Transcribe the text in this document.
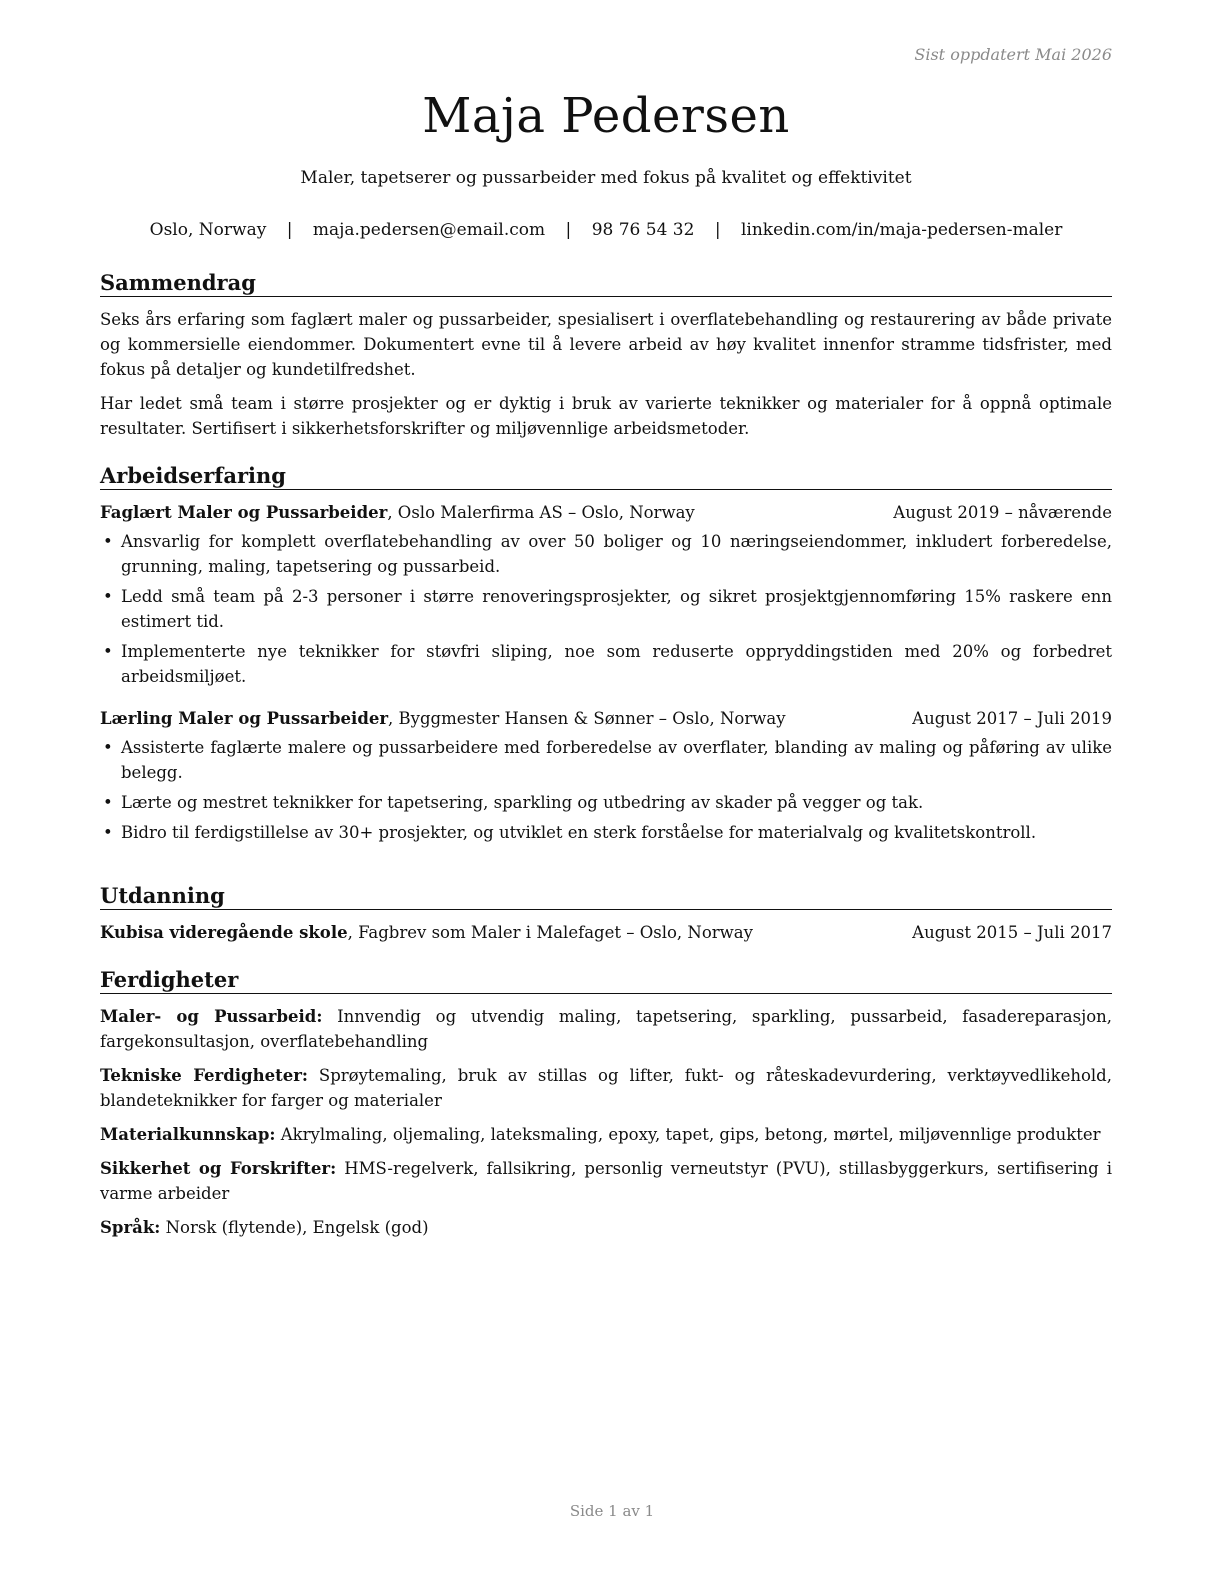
Sist oppdatert Mai 2026
Maja Pedersen
Maler, tapetserer og pussarbeider med fokus på kvalitet og effektivitet
Oslo, Norway | maja.pedersen@email.com | 98 76 54 32 | linkedin.com/in/maja-pedersen-maler
Sammendrag

Seks års erfaring som faglært maler og pussarbeider, spesialisert i overflatebehandling og restaurering av både private og kommersielle eiendommer. Dokumentert evne til å levere arbeid av høy kvalitet innenfor stramme tidsfrister, med fokus på detaljer og kundetilfredshet.

Har ledet små team i større prosjekter og er dyktig i bruk av varierte teknikker og materialer for å oppnå optimale resultater. Sertifisert i sikkerhetsforskrifter og miljøvennlige arbeidsmetoder.

Arbeidserfaring
Faglært Maler og Pussarbeider, Oslo Malerfirma AS – Oslo, Norway	August 2019 – nåværende
• Ansvarlig for komplett overflatebehandling av over 50 boliger og 10 næringseiendommer, inkludert forberedelse, grunning, maling, tapetsering og pussarbeid.
• Ledd små team på 2-3 personer i større renoveringsprosjekter, og sikret prosjektgjennomføring 15% raskere enn estimert tid.
• Implementerte nye teknikker for støvfri sliping, noe som reduserte oppryddingstiden med 20% og forbedret arbeidsmiljøet.
Lærling Maler og Pussarbeider, Byggmester Hansen & Sønner – Oslo, Norway	August 2017 – Juli 2019
• Assisterte faglærte malere og pussarbeidere med forberedelse av overflater, blanding av maling og påføring av ulike belegg.
• Lærte og mestret teknikker for tapetsering, sparkling og utbedring av skader på vegger og tak.
• Bidro til ferdigstillelse av 30+ prosjekter, og utviklet en sterk forståelse for materialvalg og kvalitetskontroll.
Utdanning
Kubisa videregående skole, Fagbrev som Maler i Malefaget – Oslo, Norway	August 2015 – Juli 2017
Ferdigheter

Maler- og Pussarbeid: Innvendig og utvendig maling, tapetsering, sparkling, pussarbeid, fasadereparasjon, fargekonsultasjon, overflatebehandling

Tekniske Ferdigheter: Sprøytemaling, bruk av stillas og lifter, fukt- og råteskadevurdering, verktøyvedlikehold, blandeteknikker for farger og materialer

Materialkunnskap: Akrylmaling, oljemaling, lateksmaling, epoxy, tapet, gips, betong, mørtel, miljøvennlige produkter

Sikkerhet og Forskrifter: HMS-regelverk, fallsikring, personlig verneutstyr (PVU), stillasbyggerkurs, sertifisering i varme arbeider

Språk: Norsk (flytende), Engelsk (god)

Side 1 av 1
